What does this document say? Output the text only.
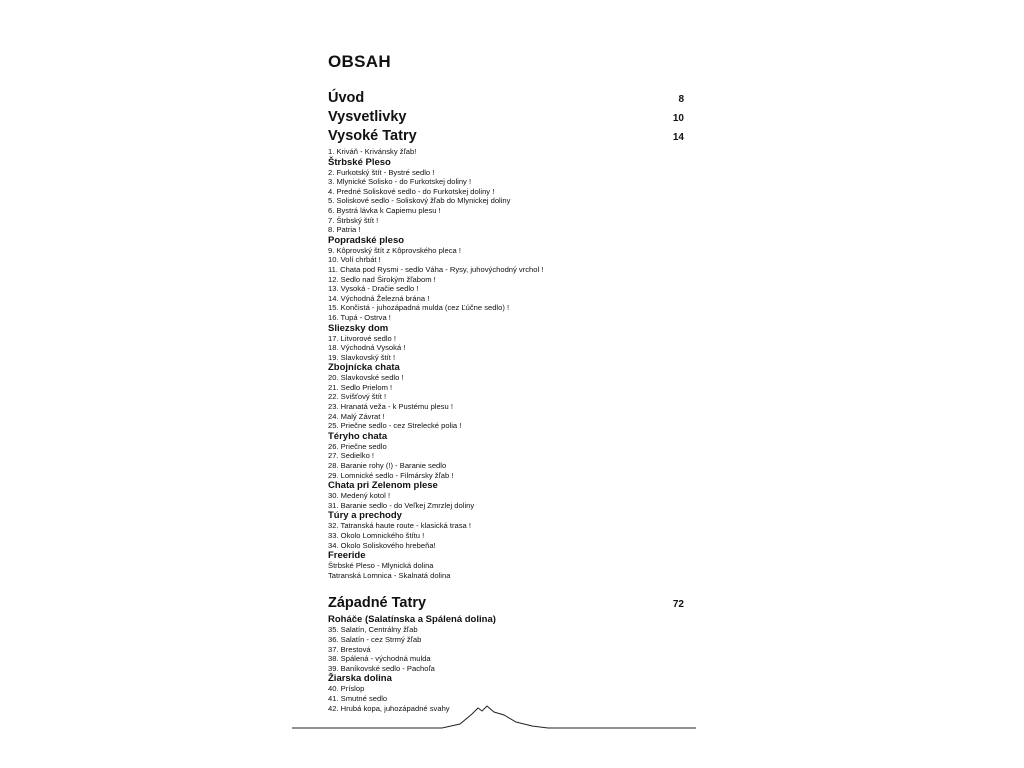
OBSAH
Úvod	8
Vysvetlivky	10
Vysoké Tatry	14
1. Kriváň - Krivánsky žľab!
Štrbské Pleso
2. Furkotský štít - Bystré sedlo !
3. Mlynické Solisko - do Furkotskej doliny !
4. Predné Soliskové sedlo - do Furkotskej doliny !
5. Soliskové sedlo - Soliskový žľab do Mlynickej doliny
6. Bystrá lávka k Capiemu plesu !
7. Štrbský štít !
8. Patria !
Popradské pleso
9. Kôprovský štít z Kôprovského pleca !
10. Volí chrbát !
11. Chata pod Rysmi - sedlo Váha - Rysy, juhovýchodný vrchol !
12. Sedlo nad Širokým žľabom !
13. Vysoká - Dračie sedlo !
14. Východná Železná brána !
15. Končistá - juhozápadná mulda (cez Ľúčne sedlo) !
16. Tupá - Ostrva !
Sliezsky dom
17. Litvorové sedlo !
18. Východná Vysoká !
19. Slavkovský štít !
Zbojnícka chata
20. Slavkovské sedlo !
21. Sedlo Prielom !
22. Svišťový štít !
23. Hranatá veža - k Pustému plesu !
24. Malý Závrat !
25. Priečne sedlo - cez Strelecké polia !
Téryho chata
26. Priečne sedlo
27. Sedielko !
28. Baranie rohy (!) - Baranie sedlo
29. Lomnické sedlo - Filmársky žľab !
Chata pri Zelenom plese
30. Medený kotol !
31. Baranie sedlo - do Veľkej Zmrzlej doliny
Túry a prechody
32. Tatranská haute route - klasická trasa !
33. Okolo Lomnického štítu !
34. Okolo Soliskového hrebeňa!
Freeride
Štrbské Pleso - Mlynická dolina
Tatranská Lomnica - Skalnatá dolina
Západné Tatry	72
Roháče (Salatínska a Spálená dolina)
35. Salatín, Centrálny žľab
36. Salatín - cez Strmý žľab
37. Brestová
38. Spálená - východná mulda
39. Baníkovské sedlo - Pachoľa
Žiarska dolina
40. Príslop
41. Smutné sedlo
42. Hrubá kopa, juhozápadné svahy
